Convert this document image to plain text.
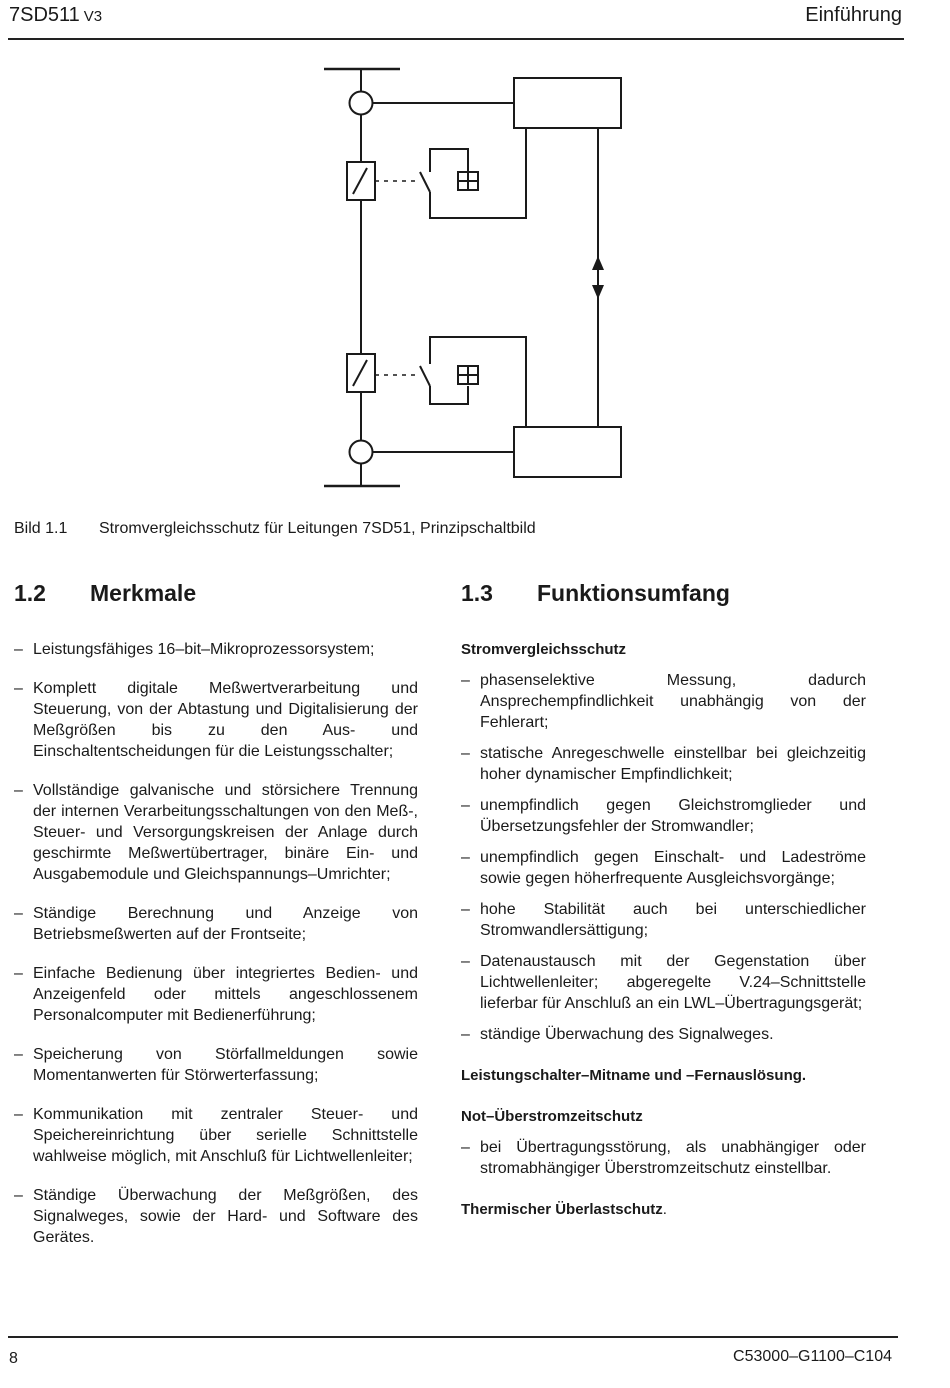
7SD511 V3	Einführung
Bild 1.1	Stromvergleichsschutz für Leitungen 7SD51, Prinzipschaltbild
1.2	Merkmale
– Leistungsfähiges 16–bit–Mikroprozessorsystem;
– Komplett digitale Meßwertverarbeitung und Steuerung, von der Abtastung und Digitalisierung der Meßgrößen bis zu den Aus- und Einschaltentscheidungen für die Leistungsschalter;
– Vollständige galvanische und störsichere Trennung der internen Verarbeitungsschaltungen von den Meß-, Steuer- und Versorgungskreisen der Anlage durch geschirmte Meßwertübertrager, binäre Ein- und Ausgabemodule und Gleichspannungs–Umrichter;
– Ständige Berechnung und Anzeige von Betriebsmeßwerten auf der Frontseite;
– Einfache Bedienung über integriertes Bedien- und Anzeigenfeld oder mittels angeschlossenem Personalcomputer mit Bedienerführung;
– Speicherung von Störfallmeldungen sowie Momentanwerten für Störwerterfassung;
– Kommunikation mit zentraler Steuer- und Speichereinrichtung über serielle Schnittstelle wahlweise möglich, mit Anschluß für Lichtwellenleiter;
– Ständige Überwachung der Meßgrößen, des Signalweges, sowie der Hard- und Software des Gerätes.
1.3	Funktionsumfang
Stromvergleichsschutz
– phasenselektive Messung, dadurch Ansprechempfindlichkeit unabhängig von der Fehlerart;
– statische Anregeschwelle einstellbar bei gleichzeitig hoher dynamischer Empfindlichkeit;
– unempfindlich gegen Gleichstromglieder und Übersetzungsfehler der Stromwandler;
– unempfindlich gegen Einschalt- und Ladeströme sowie gegen höherfrequente Ausgleichsvorgänge;
– hohe Stabilität auch bei unterschiedlicher Stromwandlersättigung;
– Datenaustausch mit der Gegenstation über Lichtwellenleiter; abgeregelte V.24–Schnittstelle lieferbar für Anschluß an ein LWL–Übertragungsgerät;
– ständige Überwachung des Signalweges.
Leistungschalter–Mitname und –Fernauslösung.
Not–Überstromzeitschutz
– bei Übertragungsstörung, als unabhängiger oder stromabhängiger Überstromzeitschutz einstellbar.
Thermischer Überlastschutz.
8	C53000–G1100–C104
